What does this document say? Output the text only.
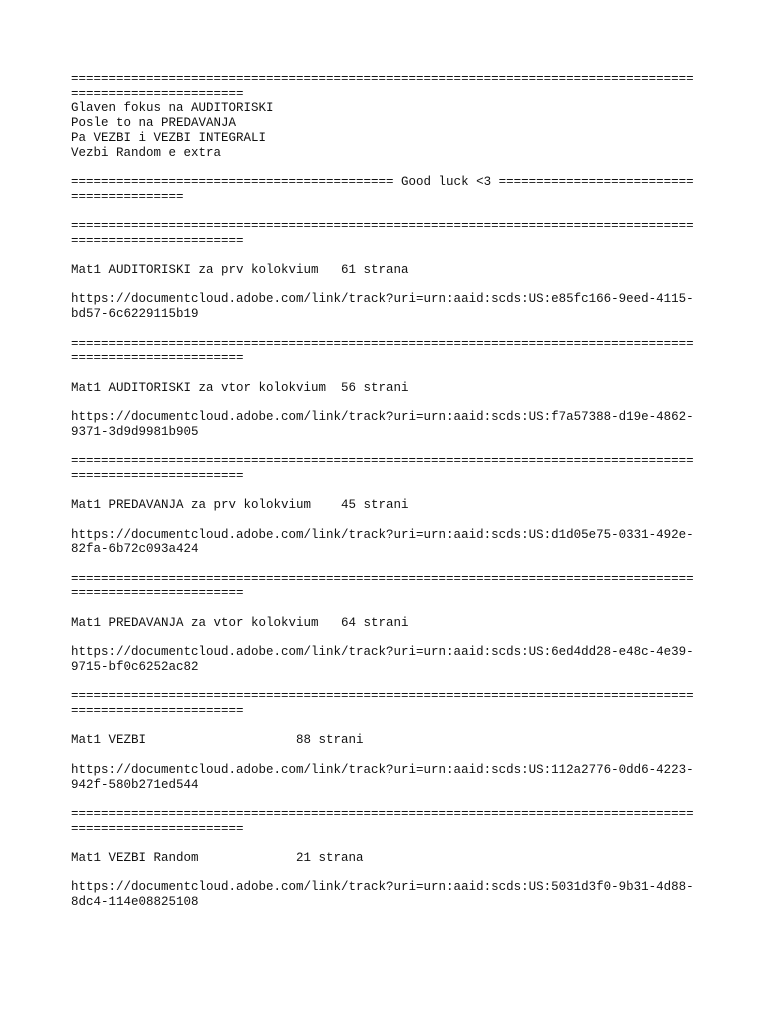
==========================================================================================================
Glaven fokus na AUDITORISKI
Posle to na PREDAVANJA
Pa VEZBI i VEZBI INTEGRALI
Vezbi Random e extra
=========================================== Good luck <3 =========================================
==========================================================================================================
Mat1 AUDITORISKI za prv kolokvium   61 strana
https://documentcloud.adobe.com/link/track?uri=urn:aaid:scds:US:e85fc166-9eed-4115-bd57-6c6229115b19
==========================================================================================================
Mat1 AUDITORISKI za vtor kolokvium  56 strani
https://documentcloud.adobe.com/link/track?uri=urn:aaid:scds:US:f7a57388-d19e-4862-9371-3d9d9981b905
==========================================================================================================
Mat1 PREDAVANJA za prv kolokvium    45 strani
https://documentcloud.adobe.com/link/track?uri=urn:aaid:scds:US:d1d05e75-0331-492e-82fa-6b72c093a424
==========================================================================================================
Mat1 PREDAVANJA za vtor kolokvium   64 strani
https://documentcloud.adobe.com/link/track?uri=urn:aaid:scds:US:6ed4dd28-e48c-4e39-9715-bf0c6252ac82
==========================================================================================================
Mat1 VEZBI                    88 strani
https://documentcloud.adobe.com/link/track?uri=urn:aaid:scds:US:112a2776-0dd6-4223-942f-580b271ed544
==========================================================================================================
Mat1 VEZBI Random             21 strana
https://documentcloud.adobe.com/link/track?uri=urn:aaid:scds:US:5031d3f0-9b31-4d88-8dc4-114e08825108
